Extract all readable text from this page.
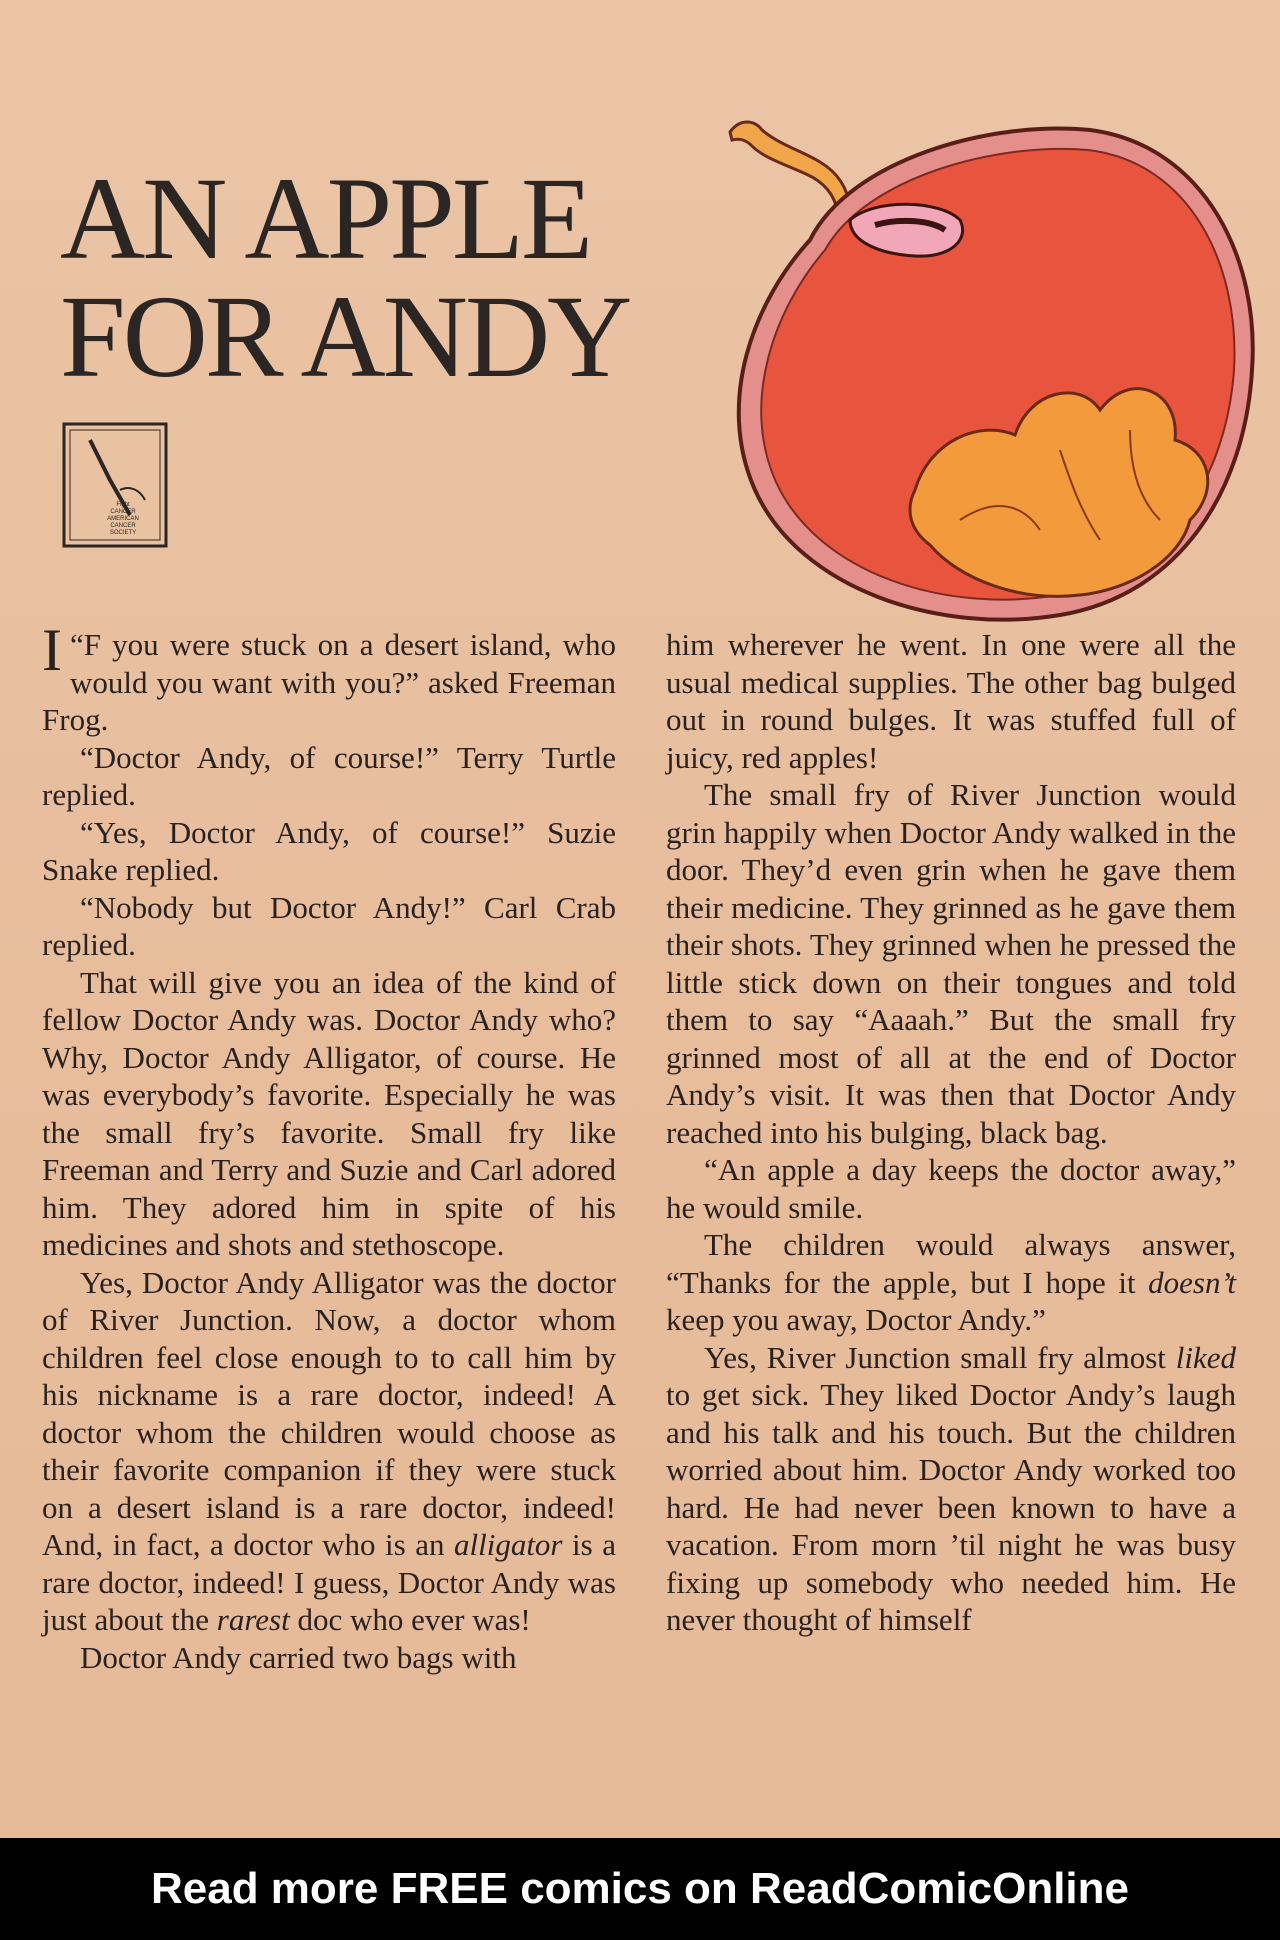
AN APPLE
FOR ANDY
Fight
CANCER
AMERICAN
CANCER
SOCIETY

“
I F you were stuck on a desert island, who would you want with you?” asked Freeman Frog.

“Doctor Andy, of course!” Terry Turtle replied.

“Yes, Doctor Andy, of course!” Suzie Snake replied.

“Nobody but Doctor Andy!” Carl Crab replied.

That will give you an idea of the kind of fellow Doctor Andy was. Doctor Andy who? Why, Doctor Andy Alligator, of course. He was everybody’s favorite. Especially he was the small fry’s favorite. Small fry like Freeman and Terry and Suzie and Carl adored him. They adored him in spite of his medicines and shots and stethoscope.

Yes, Doctor Andy Alligator was the doctor of River Junction. Now, a doctor whom children feel close enough to to call him by his nickname is a rare doctor, indeed! A doctor whom the children would choose as their favorite companion if they were stuck on a desert island is a rare doctor, indeed! And, in fact, a doctor who is an alligator is a rare doctor, indeed! I guess, Doctor Andy was just about the rarest doc who ever was!

Doctor Andy carried two bags with

him wherever he went. In one were all the usual medical supplies. The other bag bulged out in round bulges. It was stuffed full of juicy, red apples!

The small fry of River Junction would grin happily when Doctor Andy walked in the door. They’d even grin when he gave them their medicine. They grinned as he gave them their shots. They grinned when he pressed the little stick down on their tongues and told them to say “Aaaah.” But the small fry grinned most of all at the end of Doctor Andy’s visit. It was then that Doctor Andy reached into his bulging, black bag.

“An apple a day keeps the doctor away,” he would smile.

The children would always answer, “Thanks for the apple, but I hope it doesn’t keep you away, Doctor Andy.”

Yes, River Junction small fry almost liked to get sick. They liked Doctor Andy’s laugh and his talk and his touch. But the children worried about him. Doctor Andy worked too hard. He had never been known to have a vacation. From morn ’til night he was busy fixing up somebody who needed him. He never thought of himself

Read more FREE comics on ReadComicOnline
